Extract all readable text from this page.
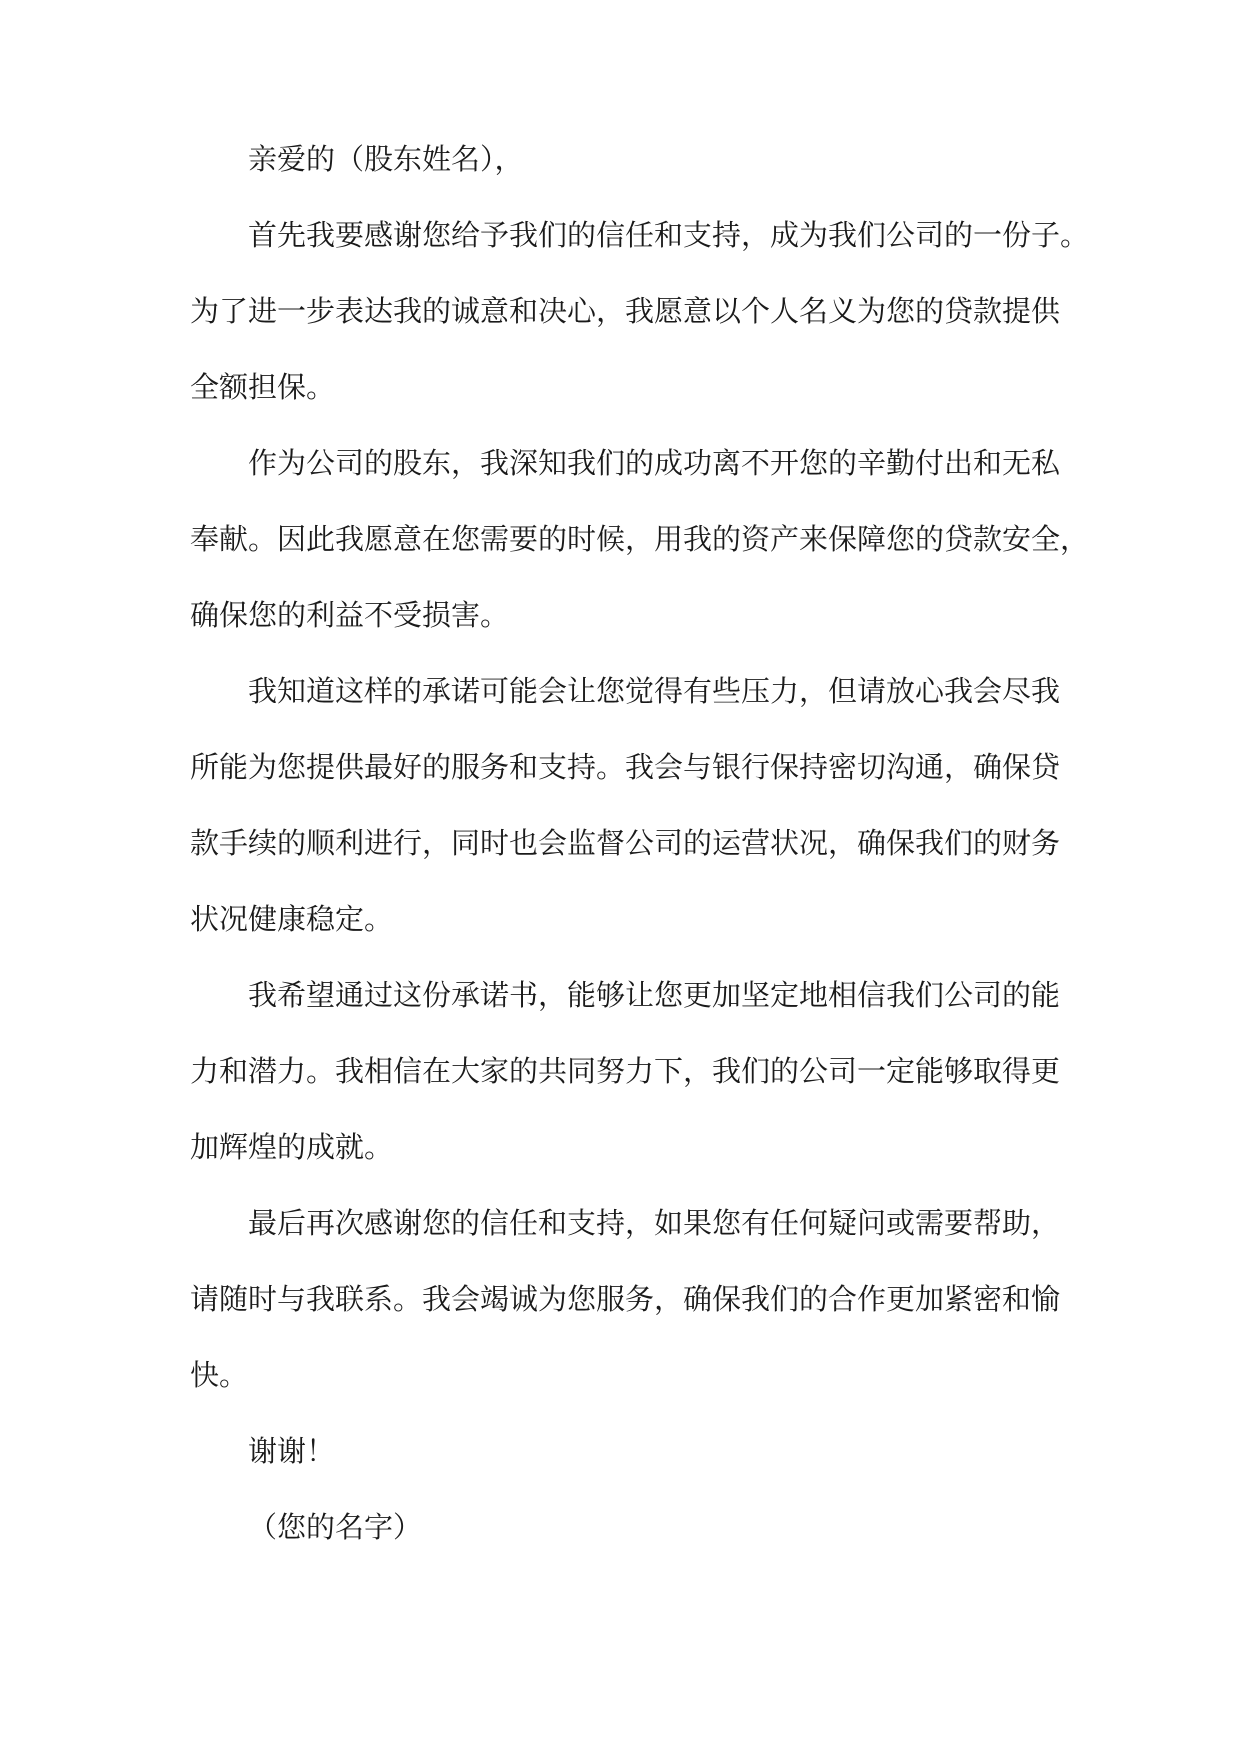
亲爱的（股东姓名），
首先我要感谢您给予我们的信任和支持，成为我们公司的一份子。
为了进一步表达我的诚意和决心，我愿意以个人名义为您的贷款提供
全额担保。
作为公司的股东，我深知我们的成功离不开您的辛勤付出和无私
奉献。因此我愿意在您需要的时候，用我的资产来保障您的贷款安全，
确保您的利益不受损害。
我知道这样的承诺可能会让您觉得有些压力，但请放心我会尽我
所能为您提供最好的服务和支持。我会与银行保持密切沟通，确保贷
款手续的顺利进行，同时也会监督公司的运营状况，确保我们的财务
状况健康稳定。
我希望通过这份承诺书，能够让您更加坚定地相信我们公司的能
力和潜力。我相信在大家的共同努力下，我们的公司一定能够取得更
加辉煌的成就。
最后再次感谢您的信任和支持，如果您有任何疑问或需要帮助，
请随时与我联系。我会竭诚为您服务，确保我们的合作更加紧密和愉
快。
谢谢！
（您的名字）
